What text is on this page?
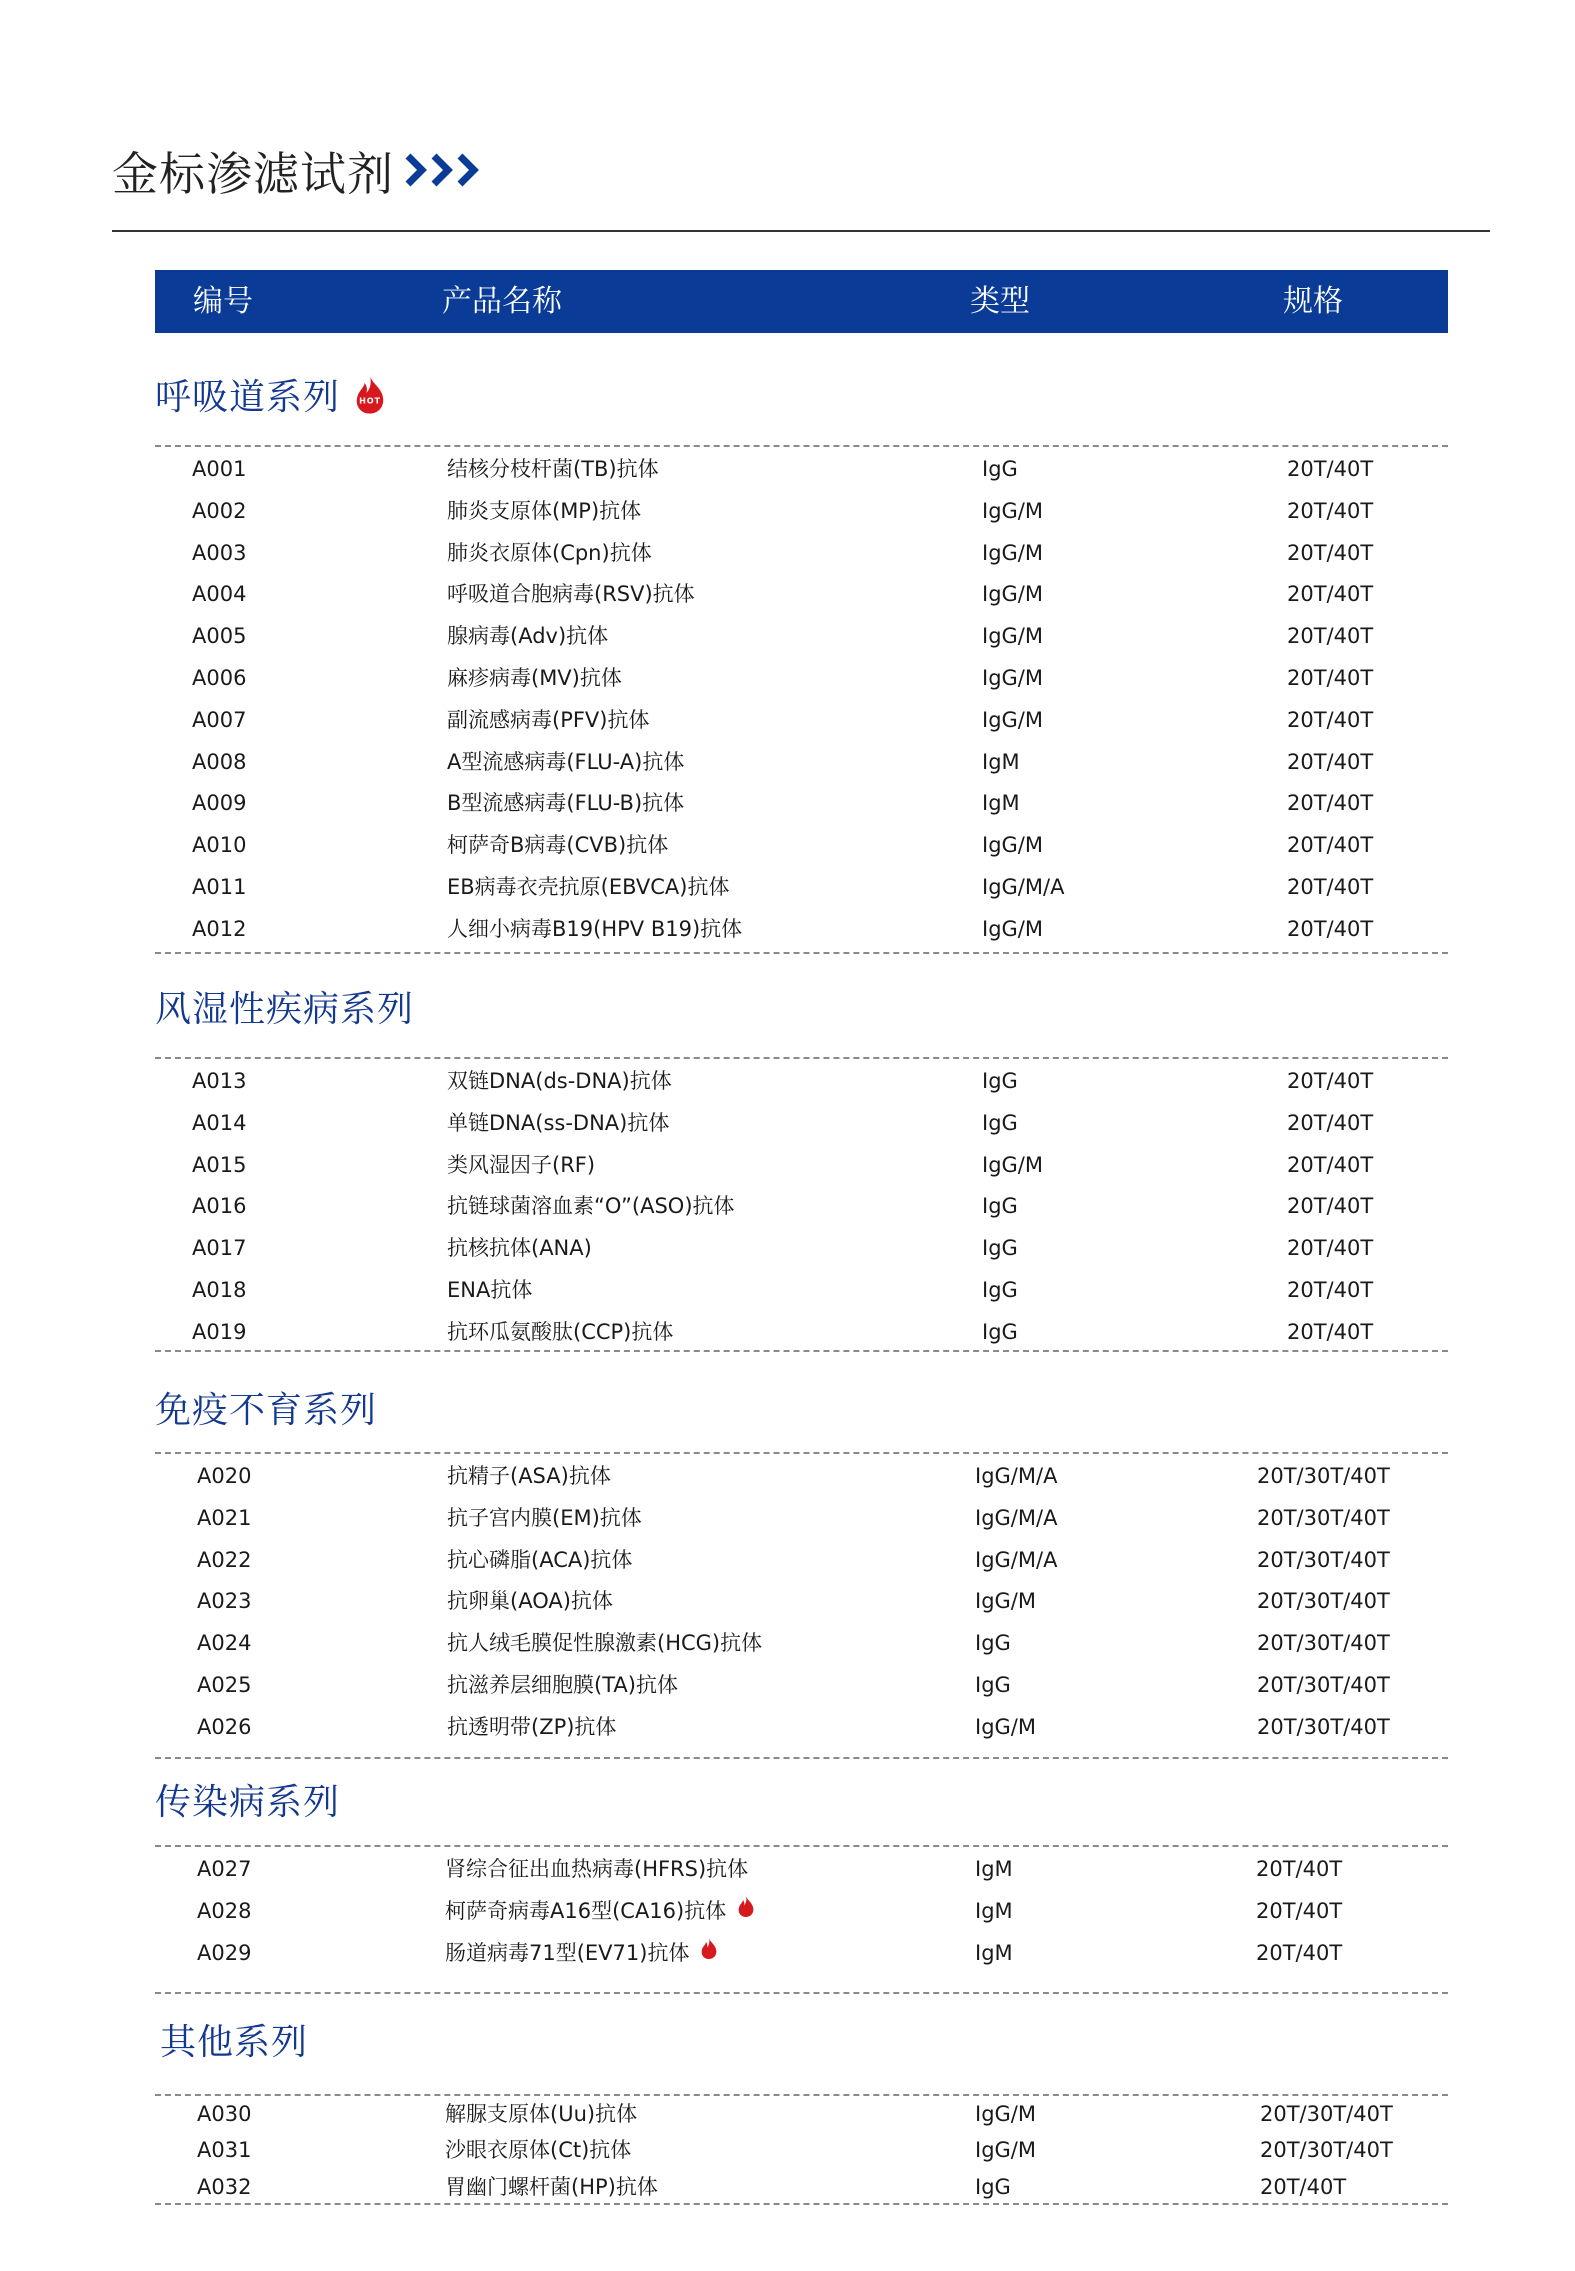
金标渗滤试剂
编号	产品名称	类型	规格
呼吸道系列 HOT
A001	结核分枝杆菌(TB)抗体	IgG	20T/40T
A002	肺炎支原体(MP)抗体	IgG/M	20T/40T
A003	肺炎衣原体(Cpn)抗体	IgG/M	20T/40T
A004	呼吸道合胞病毒(RSV)抗体	IgG/M	20T/40T
A005	腺病毒(Adv)抗体	IgG/M	20T/40T
A006	麻疹病毒(MV)抗体	IgG/M	20T/40T
A007	副流感病毒(PFV)抗体	IgG/M	20T/40T
A008	A型流感病毒(FLU-A)抗体	IgM	20T/40T
A009	B型流感病毒(FLU-B)抗体	IgM	20T/40T
A010	柯萨奇B病毒(CVB)抗体	IgG/M	20T/40T
A011	EB病毒衣壳抗原(EBVCA)抗体	IgG/M/A	20T/40T
A012	人细小病毒B19(HPV B19)抗体	IgG/M	20T/40T
风湿性疾病系列
A013	双链DNA(ds-DNA)抗体	IgG	20T/40T
A014	单链DNA(ss-DNA)抗体	IgG	20T/40T
A015	类风湿因子(RF)	IgG/M	20T/40T
A016	抗链球菌溶血素“O”(ASO)抗体	IgG	20T/40T
A017	抗核抗体(ANA)	IgG	20T/40T
A018	ENA抗体	IgG	20T/40T
A019	抗环瓜氨酸肽(CCP)抗体	IgG	20T/40T
免疫不育系列
A020	抗精子(ASA)抗体	IgG/M/A	20T/30T/40T
A021	抗子宫内膜(EM)抗体	IgG/M/A	20T/30T/40T
A022	抗心磷脂(ACA)抗体	IgG/M/A	20T/30T/40T
A023	抗卵巢(AOA)抗体	IgG/M	20T/30T/40T
A024	抗人绒毛膜促性腺激素(HCG)抗体	IgG	20T/30T/40T
A025	抗滋养层细胞膜(TA)抗体	IgG	20T/30T/40T
A026	抗透明带(ZP)抗体	IgG/M	20T/30T/40T
传染病系列
A027	肾综合征出血热病毒(HFRS)抗体	IgM	20T/40T
A028	柯萨奇病毒A16型(CA16)抗体	IgM	20T/40T
A029	肠道病毒71型(EV71)抗体	IgM	20T/40T
其他系列
A030	解脲支原体(Uu)抗体	IgG/M	20T/30T/40T
A031	沙眼衣原体(Ct)抗体	IgG/M	20T/30T/40T
A032	胃幽门螺杆菌(HP)抗体	IgG	20T/40T
